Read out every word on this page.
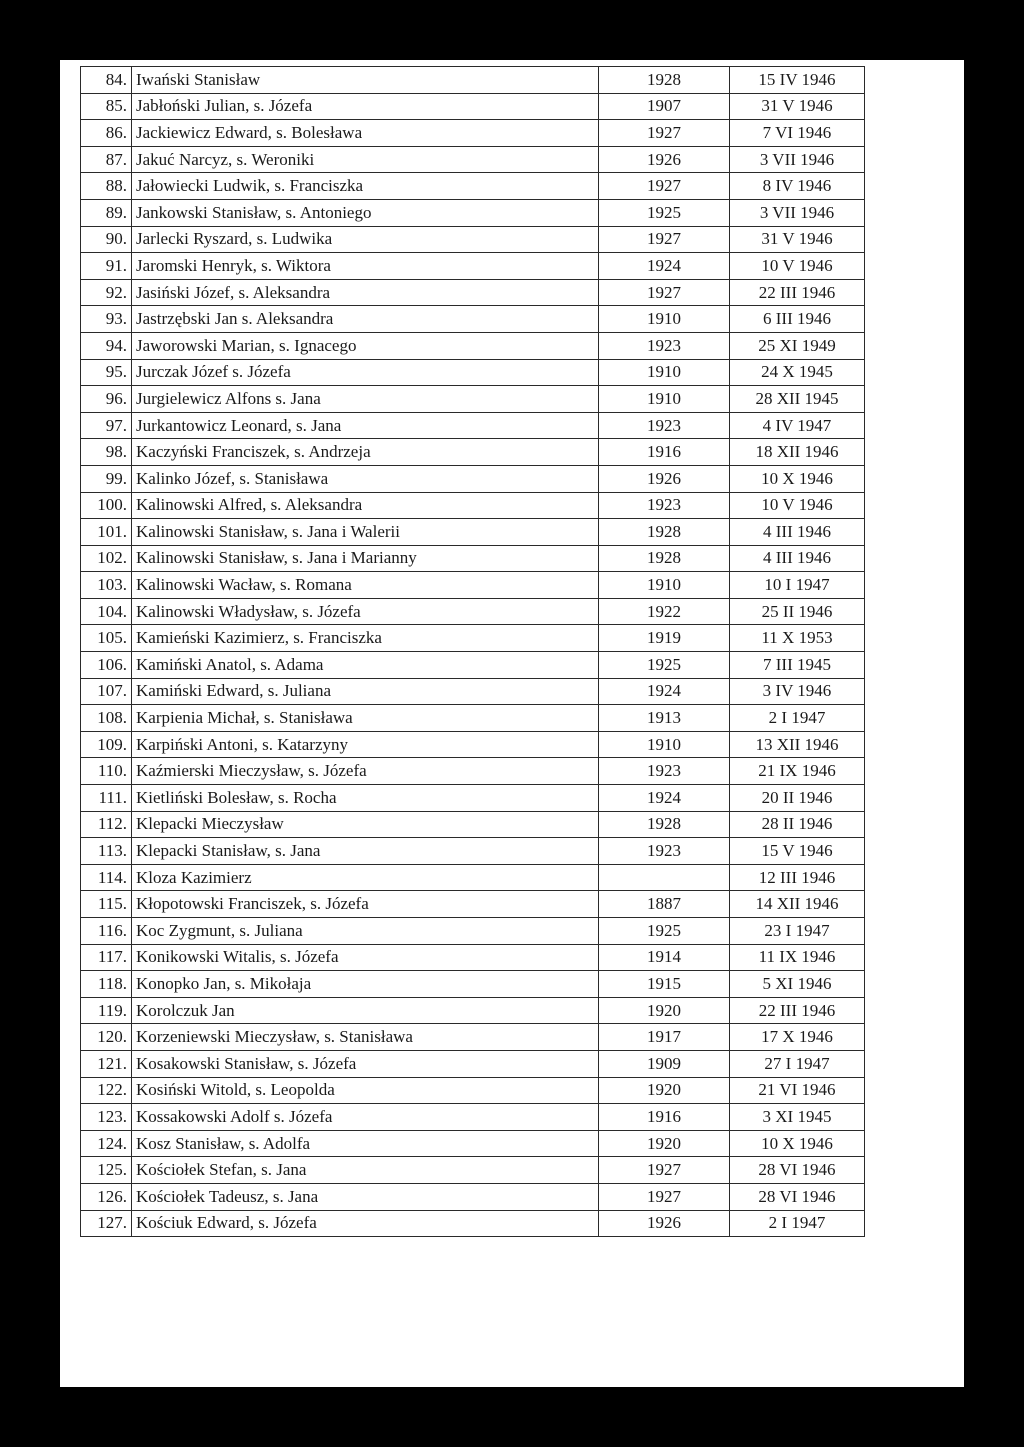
84.	Iwański Stanisław	1928	15 IV 1946
85.	Jabłoński Julian, s. Józefa	1907	31 V 1946
86.	Jackiewicz Edward, s. Bolesława	1927	7 VI 1946
87.	Jakuć Narcyz, s. Weroniki	1926	3 VII 1946
88.	Jałowiecki Ludwik, s. Franciszka	1927	8 IV 1946
89.	Jankowski Stanisław, s. Antoniego	1925	3 VII 1946
90.	Jarlecki Ryszard, s. Ludwika	1927	31 V 1946
91.	Jaromski Henryk, s. Wiktora	1924	10 V 1946
92.	Jasiński Józef, s. Aleksandra	1927	22 III 1946
93.	Jastrzębski Jan s. Aleksandra	1910	6 III 1946
94.	Jaworowski Marian, s. Ignacego	1923	25 XI 1949
95.	Jurczak Józef s. Józefa	1910	24 X 1945
96.	Jurgielewicz Alfons s. Jana	1910	28 XII 1945
97.	Jurkantowicz Leonard, s. Jana	1923	4 IV 1947
98.	Kaczyński Franciszek, s. Andrzeja	1916	18 XII 1946
99.	Kalinko Józef, s. Stanisława	1926	10 X 1946
100.	Kalinowski Alfred, s. Aleksandra	1923	10 V 1946
101.	Kalinowski Stanisław, s. Jana i Walerii	1928	4 III 1946
102.	Kalinowski Stanisław, s. Jana i Marianny	1928	4 III 1946
103.	Kalinowski Wacław, s. Romana	1910	10 I 1947
104.	Kalinowski Władysław, s. Józefa	1922	25 II 1946
105.	Kamieński Kazimierz, s. Franciszka	1919	11 X 1953
106.	Kamiński Anatol, s. Adama	1925	7 III 1945
107.	Kamiński Edward, s. Juliana	1924	3 IV 1946
108.	Karpienia Michał, s. Stanisława	1913	2 I 1947
109.	Karpiński Antoni, s. Katarzyny	1910	13 XII 1946
110.	Kaźmierski Mieczysław, s. Józefa	1923	21 IX 1946
111.	Kietliński Bolesław, s. Rocha	1924	20 II 1946
112.	Klepacki Mieczysław	1928	28 II 1946
113.	Klepacki Stanisław, s. Jana	1923	15 V 1946
114.	Kloza Kazimierz		12 III 1946
115.	Kłopotowski Franciszek, s. Józefa	1887	14 XII 1946
116.	Koc Zygmunt, s. Juliana	1925	23 I 1947
117.	Konikowski Witalis, s. Józefa	1914	11 IX 1946
118.	Konopko Jan, s. Mikołaja	1915	5 XI 1946
119.	Korolczuk Jan	1920	22 III 1946
120.	Korzeniewski Mieczysław, s. Stanisława	1917	17 X 1946
121.	Kosakowski Stanisław, s. Józefa	1909	27 I 1947
122.	Kosiński Witold, s. Leopolda	1920	21 VI 1946
123.	Kossakowski Adolf s. Józefa	1916	3 XI 1945
124.	Kosz Stanisław, s. Adolfa	1920	10 X 1946
125.	Kościołek Stefan, s. Jana	1927	28 VI 1946
126.	Kościołek Tadeusz, s. Jana	1927	28 VI 1946
127.	Kościuk Edward, s. Józefa	1926	2 I 1947
